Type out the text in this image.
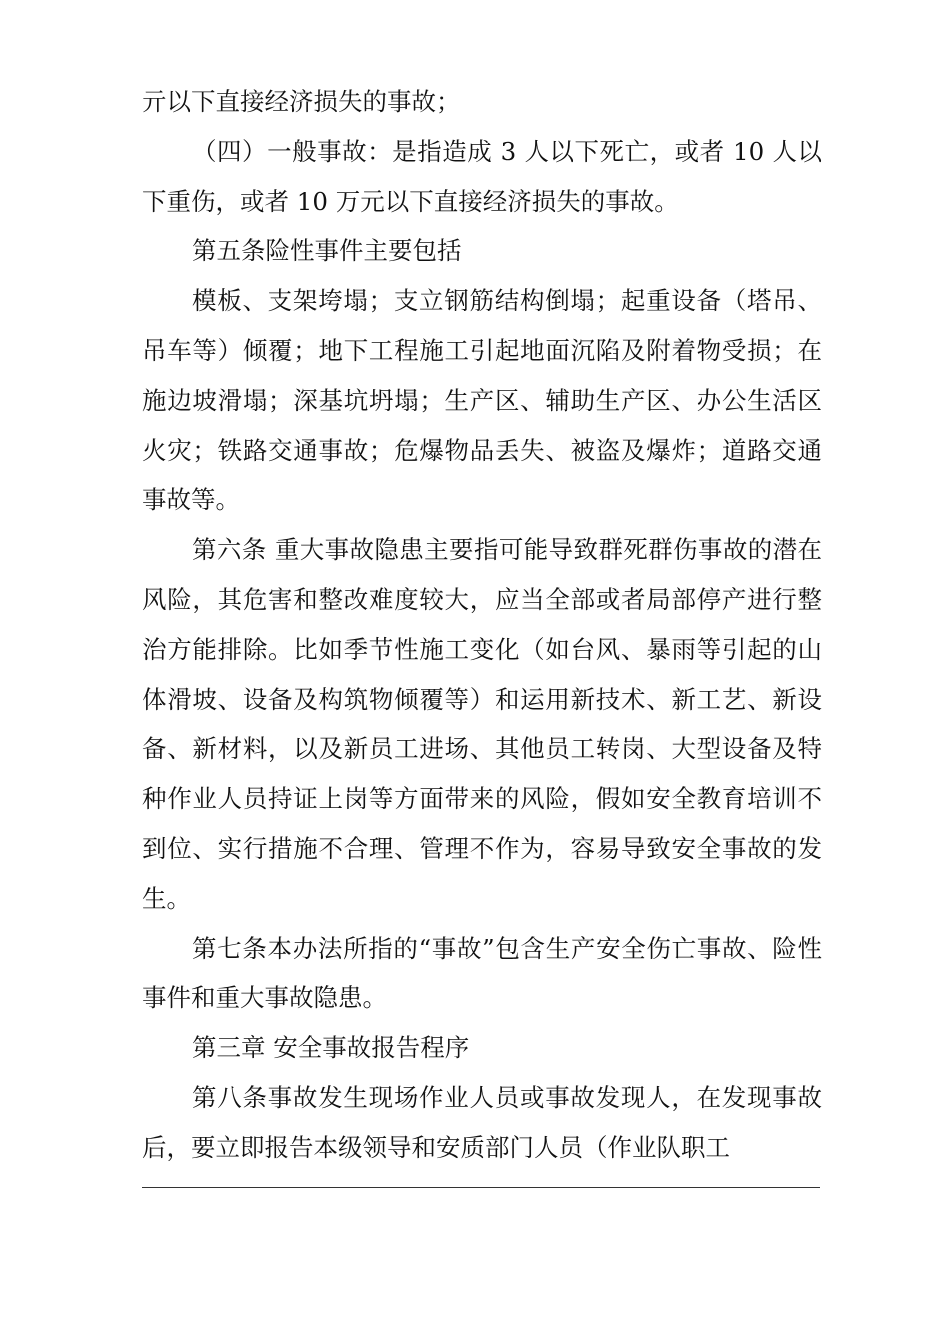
亓以下直接经济损失的事故；

（四）一般事故：是指造成 3 人以下死亡，或者 10 人以下重伤，或者 10 万元以下直接经济损失的事故。

第五条险性事件主要包括

模板、支架垮塌；支立钢筋结构倒塌；起重设备（塔吊、吊车等）倾覆；地下工程施工引起地面沉陷及附着物受损；在施边坡滑塌；深基坑坍塌；生产区、辅助生产区、办公生活区火灾；铁路交通事故；危爆物品丢失、被盗及爆炸；道路交通事故等。

第六条 重大事故隐患主要指可能导致群死群伤事故的潜在风险，其危害和整改难度较大，应当全部或者局部停产进行整治方能排除。比如季节性施工变化（如台风、暴雨等引起的山体滑坡、设备及构筑物倾覆等）和运用新技术、新工艺、新设备、新材料，以及新员工进场、其他员工转岗、大型设备及特种作业人员持证上岗等方面带来的风险，假如安全教育培训不到位、实行措施不合理、管理不作为，容易导致安全事故的发生。

第七条本办法所指的“事故”包含生产安全伤亡事故、险性事件和重大事故隐患。

第三章 安全事故报告程序

第八条事故发生现场作业人员或事故发现人，在发现事故后，要立即报告本级领导和安质部门人员（作业队职工
